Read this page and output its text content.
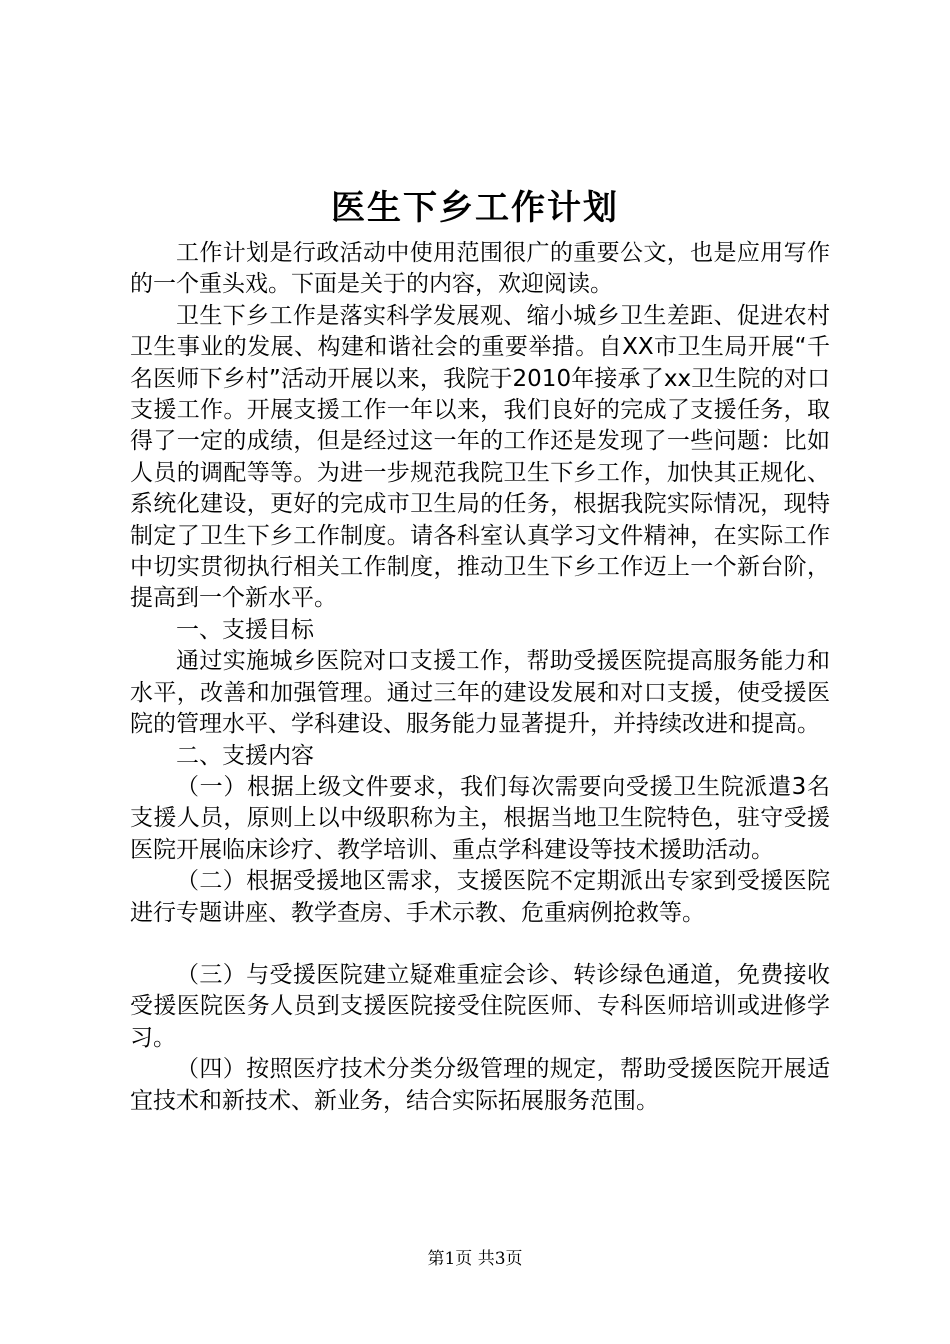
医生下乡工作计划

工作计划是行政活动中使用范围很广的重要公文，也是应用写作的一个重头戏。下面是关于的内容，欢迎阅读。

卫生下乡工作是落实科学发展观、缩小城乡卫生差距、促进农村卫生事业的发展、构建和谐社会的重要举措。自XX市卫生局开展“千名医师下乡村”活动开展以来，我院于2010年接承了xx卫生院的对口支援工作。开展支援工作一年以来，我们良好的完成了支援任务，取得了一定的成绩，但是经过这一年的工作还是发现了一些问题：比如人员的调配等等。为进一步规范我院卫生下乡工作，加快其正规化、系统化建设，更好的完成市卫生局的任务，根据我院实际情况，现特制定了卫生下乡工作制度。请各科室认真学习文件精神，在实际工作中切实贯彻执行相关工作制度，推动卫生下乡工作迈上一个新台阶，提高到一个新水平。

一、支援目标

通过实施城乡医院对口支援工作，帮助受援医院提高服务能力和水平，改善和加强管理。通过三年的建设发展和对口支援，使受援医院的管理水平、学科建设、服务能力显著提升，并持续改进和提高。

二、支援内容

（一）根据上级文件要求，我们每次需要向受援卫生院派遣3名支援人员，原则上以中级职称为主，根据当地卫生院特色，驻守受援医院开展临床诊疗、教学培训、重点学科建设等技术援助活动。

（二）根据受援地区需求，支援医院不定期派出专家到受援医院进行专题讲座、教学查房、手术示教、危重病例抢救等。

（三）与受援医院建立疑难重症会诊、转诊绿色通道，免费接收受援医院医务人员到支援医院接受住院医师、专科医师培训或进修学习。

（四）按照医疗技术分类分级管理的规定，帮助受援医院开展适宜技术和新技术、新业务，结合实际拓展服务范围。

第1页 共3页
